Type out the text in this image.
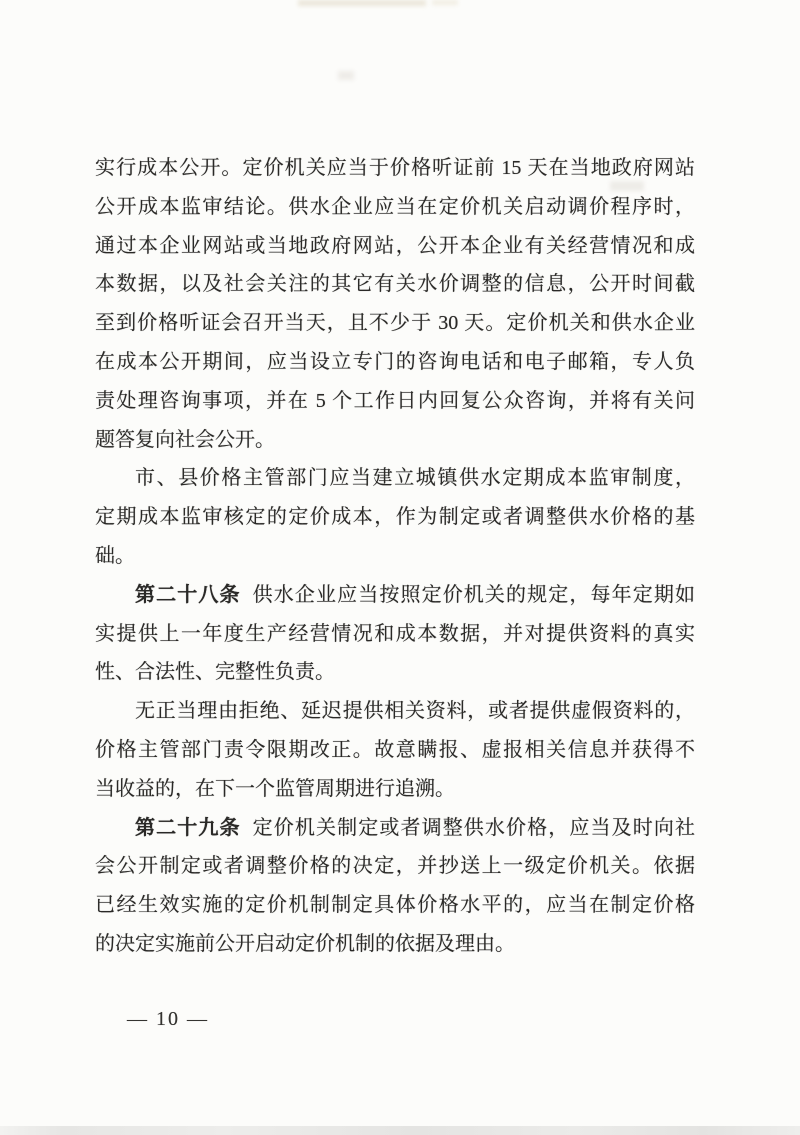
实行成本公开。定价机关应当于价格听证前 15 天在当地政府网站
公开成本监审结论。供水企业应当在定价机关启动调价程序时，
通过本企业网站或当地政府网站，公开本企业有关经营情况和成
本数据，以及社会关注的其它有关水价调整的信息，公开时间截
至到价格听证会召开当天，且不少于 30 天。定价机关和供水企业
在成本公开期间，应当设立专门的咨询电话和电子邮箱，专人负
责处理咨询事项，并在 5 个工作日内回复公众咨询，并将有关问
题答复向社会公开。
市、县价格主管部门应当建立城镇供水定期成本监审制度，
定期成本监审核定的定价成本，作为制定或者调整供水价格的基
础。
第二十八条 供水企业应当按照定价机关的规定，每年定期如
实提供上一年度生产经营情况和成本数据，并对提供资料的真实
性、合法性、完整性负责。
无正当理由拒绝、延迟提供相关资料，或者提供虚假资料的，
价格主管部门责令限期改正。故意瞒报、虚报相关信息并获得不
当收益的，在下一个监管周期进行追溯。
第二十九条 定价机关制定或者调整供水价格，应当及时向社
会公开制定或者调整价格的决定，并抄送上一级定价机关。依据
已经生效实施的定价机制制定具体价格水平的，应当在制定价格
的决定实施前公开启动定价机制的依据及理由。
— 10 —
